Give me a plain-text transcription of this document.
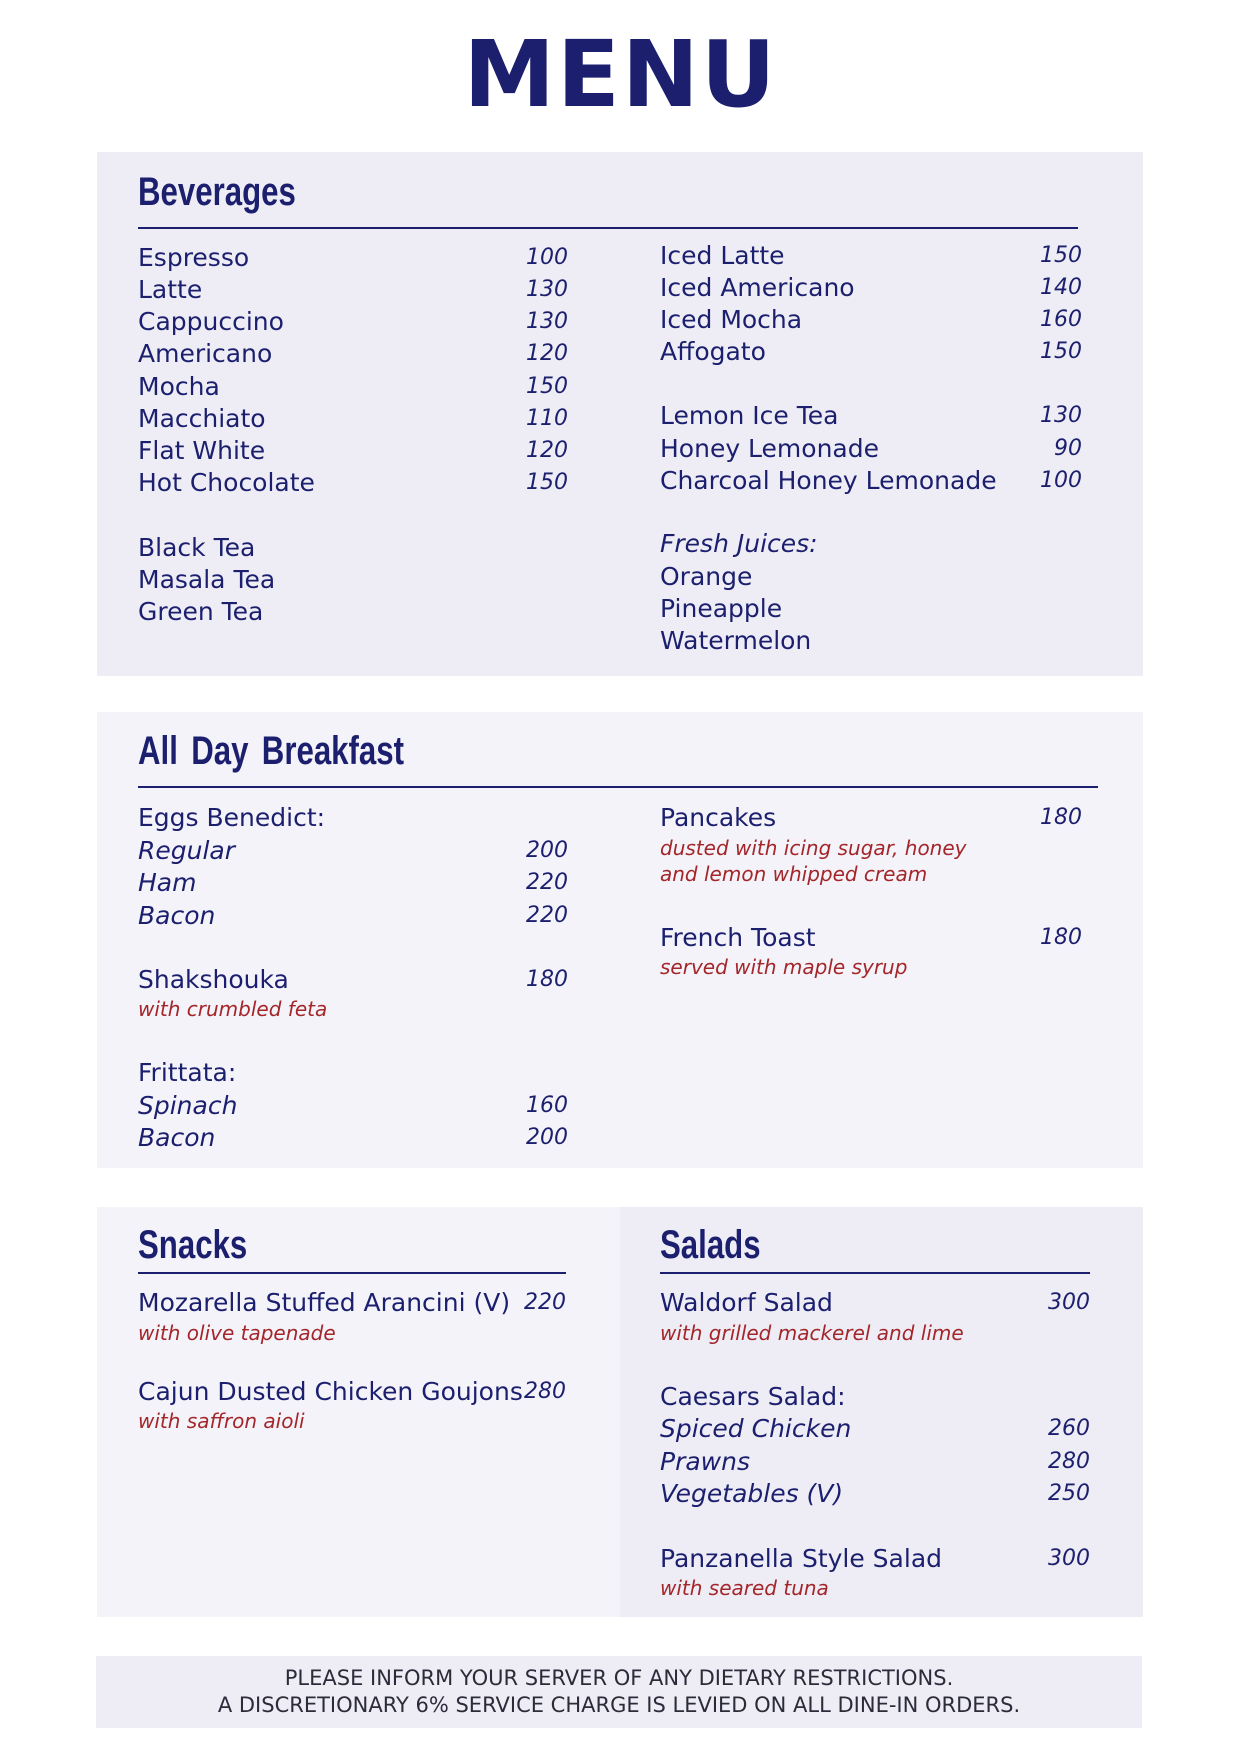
MENU
Beverages
Espresso	100
Latte	130
Cappuccino	130
Americano	120
Mocha	150
Macchiato	110
Flat White	120
Hot Chocolate	150
Black Tea
Masala Tea
Green Tea
Iced Latte	150
Iced Americano	140
Iced Mocha	160
Affogato	150
Lemon Ice Tea	130
Honey Lemonade	90
Charcoal Honey Lemonade 100
Fresh Juices:
Orange
Pineapple
Watermelon
All Day Breakfast
Eggs Benedict:
Regular	200
Ham	220
Bacon	220
Shakshouka	180
with crumbled feta
Frittata:
Spinach	160
Bacon	200
Pancakes	180
dusted with icing sugar, honey
and lemon whipped cream
French Toast	180
served with maple syrup
Snacks
Mozarella Stuffed Arancini (V) 220
with olive tapenade
Cajun Dusted Chicken Goujons 280
with saffron aioli
Salads
Waldorf Salad	300
with grilled mackerel and lime
Caesars Salad:
Spiced Chicken	260
Prawns	280
Vegetables (V)	250
Panzanella Style Salad	300
with seared tuna
PLEASE INFORM YOUR SERVER OF ANY DIETARY RESTRICTIONS.
A DISCRETIONARY 6% SERVICE CHARGE IS LEVIED ON ALL DINE-IN ORDERS.
